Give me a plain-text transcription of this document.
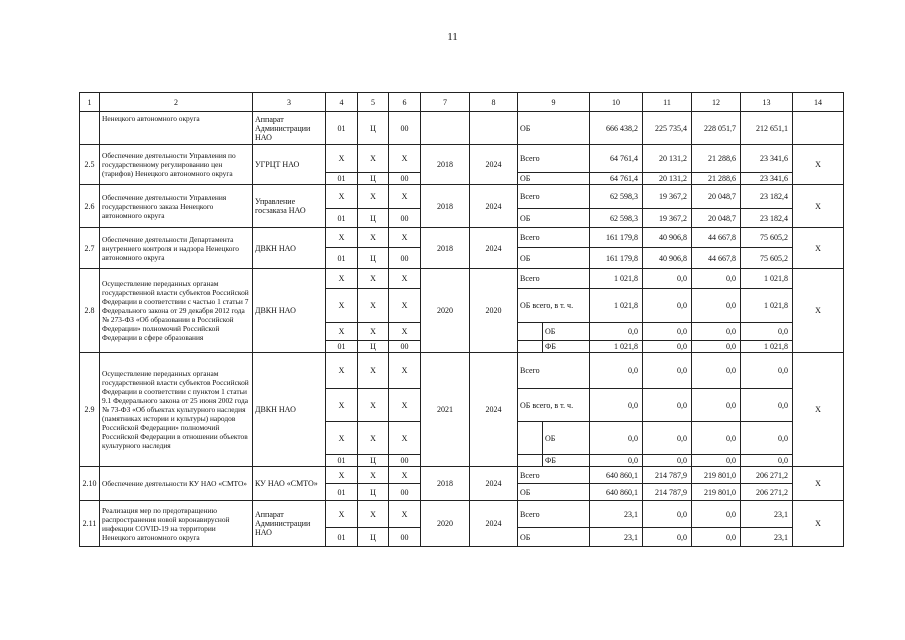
11
1	2	3	4	5	6	7	8	9		10	11	12	13	14
	Ненецкого автономного округа	Аппарат Администрации НАО	01	Ц	00			ОБ		666 438,2	225 735,4	228 051,7	212 651,1	
2.5	Обеспечение деятельности Управления по государственному регулированию цен (тарифов) Ненецкого автономного округа	УГРЦТ НАО	Х	Х	Х	2018	2024	Всего		64 761,4	20 131,2	21 288,6	23 341,6	Х
			01	Ц	00			ОБ		64 761,4	20 131,2	21 288,6	23 341,6	
2.6	Обеспечение деятельности Управления государственного заказа Ненецкого автономного округа	Управление госзаказа НАО	Х	Х	Х	2018	2024	Всего		62 598,3	19 367,2	20 048,7	23 182,4	Х
			01	Ц	00			ОБ		62 598,3	19 367,2	20 048,7	23 182,4	
2.7	Обеспечение деятельности Департамента внутреннего контроля и надзора Ненецкого автономного округа	ДВКН НАО	Х	Х	Х	2018	2024	Всего		161 179,8	40 906,8	44 667,8	75 605,2	Х
			01	Ц	00			ОБ		161 179,8	40 906,8	44 667,8	75 605,2	
2.8	Осуществление переданных органам государственной власти субъектов Российской Федерации в соответствии с частью 1 статьи 7 Федерального закона от 29 декабря 2012 года № 273-ФЗ «Об образовании в Российской Федерации» полномочий Российской Федерации в сфере образования	ДВКН НАО	Х	Х	Х	2020	2020	Всего		1 021,8	0,0	0,0	1 021,8	Х
			Х	Х	Х			ОБ всего, в т. ч.		1 021,8	0,0	0,0	1 021,8	
			Х	Х	Х				ОБ	0,0	0,0	0,0	0,0	
			01	Ц	00				ФБ	1 021,8	0,0	0,0	1 021,8	
2.9	Осуществление переданных органам государственной власти субъектов Российской Федерации в соответствии с пунктом 1 статьи 9.1 Федерального закона от 25 июня 2002 года № 73-ФЗ «Об объектах культурного наследия (памятниках истории и культуры) народов Российской Федерации» полномочий Российской Федерации в отношении объектов культурного наследия	ДВКН НАО	Х	Х	Х	2021	2024	Всего		0,0	0,0	0,0	0,0	Х
			Х	Х	Х			ОБ всего, в т. ч.		0,0	0,0	0,0	0,0	
			Х	Х	Х				ОБ	0,0	0,0	0,0	0,0	
			01	Ц	00				ФБ	0,0	0,0	0,0	0,0	
2.10	Обеспечение деятельности КУ НАО «СМТО»	КУ НАО «СМТО»	Х	Х	Х	2018	2024	Всего		640 860,1	214 787,9	219 801,0	206 271,2	Х
			01	Ц	00			ОБ		640 860,1	214 787,9	219 801,0	206 271,2	
2.11	Реализация мер по предотвращению распространения новой коронавирусной инфекции COVID-19 на территории Ненецкого автономного округа	Аппарат Администрации НАО	Х	Х	Х	2020	2024	Всего		23,1	0,0	0,0	23,1	Х
			01	Ц	00			ОБ		23,1	0,0	0,0	23,1	
